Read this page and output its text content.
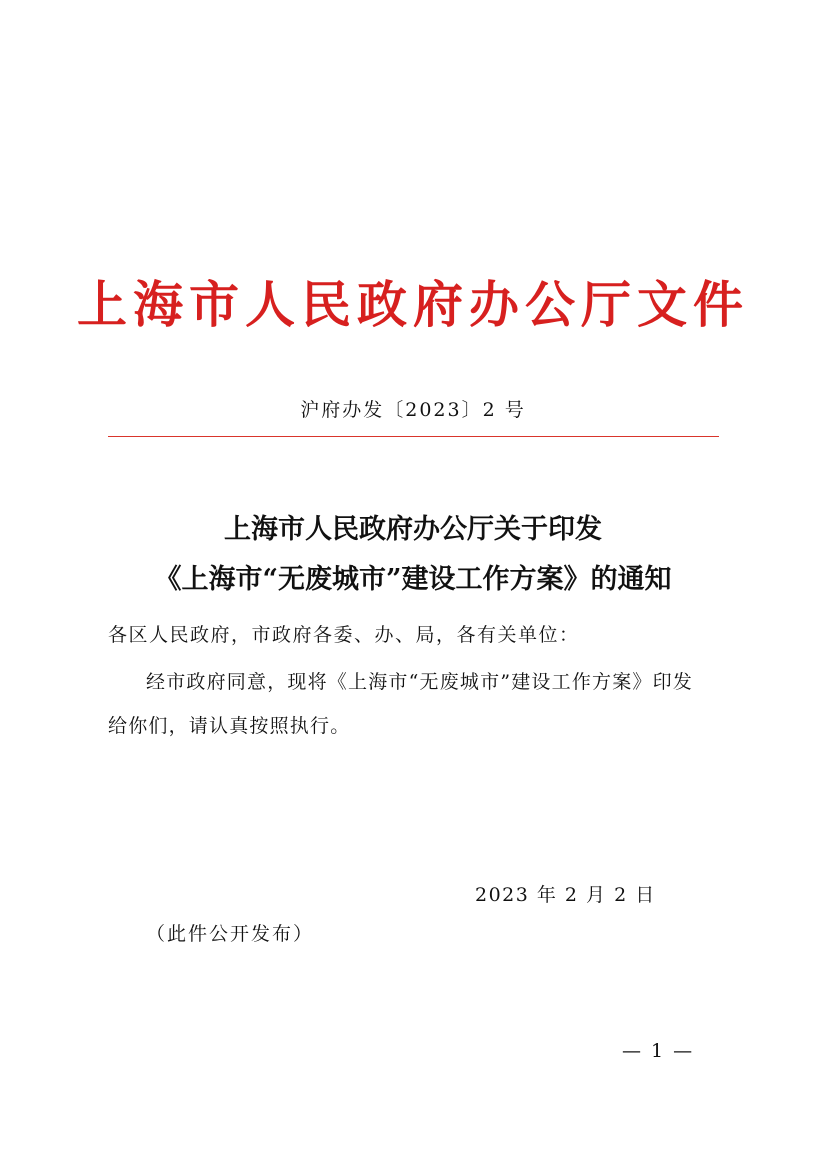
上海市人民政府办公厅文件
沪府办发〔2023〕2 号
上海市人民政府办公厅关于印发
《上海市“无废城市”建设工作方案》的通知
各区人民政府，市政府各委、办、局，各有关单位：
经市政府同意，现将《上海市“无废城市”建设工作方案》印发
给你们，请认真按照执行。
2023 年 2 月 2 日
（此件公开发布）
— 1 —
